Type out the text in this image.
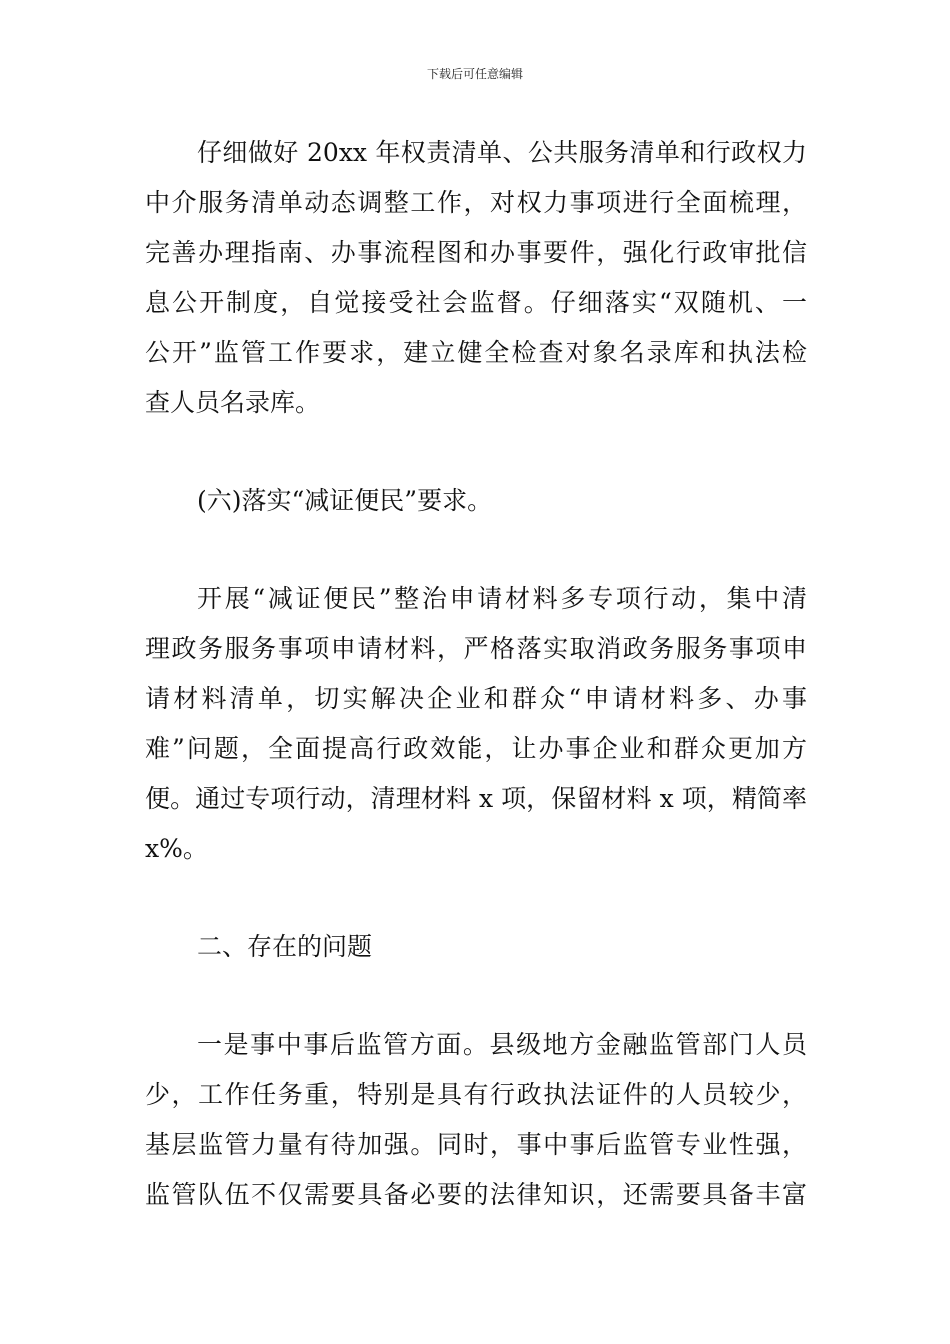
下载后可任意编辑
仔细做好 20xx 年权责清单、公共服务清单和行政权力
中介服务清单动态调整工作，对权力事项进行全面梳理，
完善办理指南、办事流程图和办事要件，强化行政审批信
息公开制度，自觉接受社会监督。仔细落实“双随机、一
公开”监管工作要求，建立健全检查对象名录库和执法检
查人员名录库。
(六)落实“减证便民”要求。
开展“减证便民”整治申请材料多专项行动，集中清
理政务服务事项申请材料，严格落实取消政务服务事项申
请材料清单，切实解决企业和群众“申请材料多、办事
难”问题，全面提高行政效能，让办事企业和群众更加方
便。通过专项行动，清理材料 x 项，保留材料 x 项，精简率
x%。
二、存在的问题
一是事中事后监管方面。县级地方金融监管部门人员
少，工作任务重，特别是具有行政执法证件的人员较少，
基层监管力量有待加强。同时，事中事后监管专业性强，
监管队伍不仅需要具备必要的法律知识，还需要具备丰富
